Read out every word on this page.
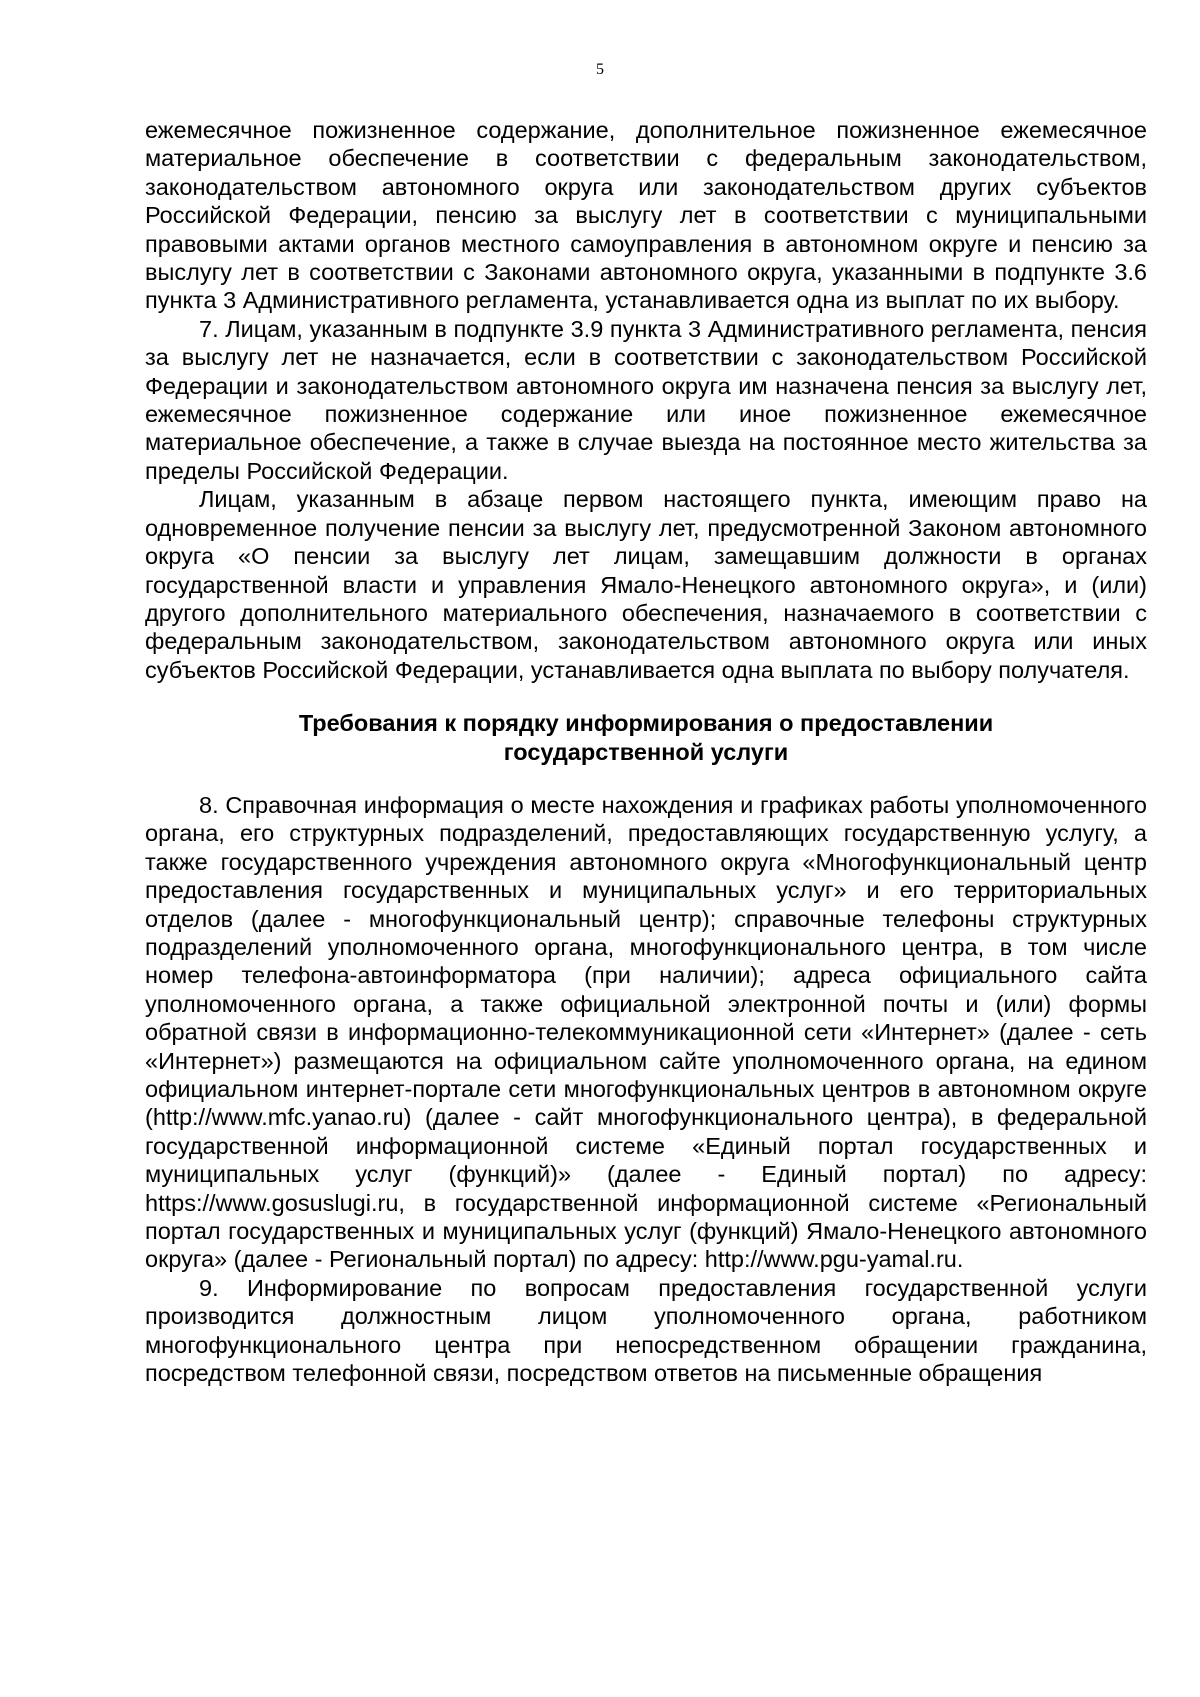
5

ежемесячное пожизненное содержание, дополнительное пожизненное ежемесячное материальное обеспечение в соответствии с федеральным законодательством, законодательством автономного округа или законодательством других субъектов Российской Федерации, пенсию за выслугу лет в соответствии с муниципальными правовыми актами органов местного самоуправления в автономном округе и пенсию за выслугу лет в соответствии с Законами автономного округа, указанными в подпункте 3.6 пункта 3 Административного регламента, устанавливается одна из выплат по их выбору.

7. Лицам, указанным в подпункте 3.9 пункта 3 Административного регламента, пенсия за выслугу лет не назначается, если в соответствии с законодательством Российской Федерации и законодательством автономного округа им назначена пенсия за выслугу лет, ежемесячное пожизненное содержание или иное пожизненное ежемесячное материальное обеспечение, а также в случае выезда на постоянное место жительства за пределы Российской Федерации.

Лицам, указанным в абзаце первом настоящего пункта, имеющим право на одновременное получение пенсии за выслугу лет, предусмотренной Законом автономного округа «О пенсии за выслугу лет лицам, замещавшим должности в органах государственной власти и управления Ямало-Ненецкого автономного округа», и (или) другого дополнительного материального обеспечения, назначаемого в соответствии с федеральным законодательством, законодательством автономного округа или иных субъектов Российской Федерации, устанавливается одна выплата по выбору получателя.

Требования к порядку информирования о предоставлении
государственной услуги

8. Справочная информация о месте нахождения и графиках работы уполномоченного органа, его структурных подразделений, предоставляющих государственную услугу, а также государственного учреждения автономного округа «Многофункциональный центр предоставления государственных и муниципальных услуг» и его территориальных отделов (далее - многофункциональный центр); справочные телефоны структурных подразделений уполномоченного органа, многофункционального центра, в том числе номер телефона-автоинформатора (при наличии); адреса официального сайта уполномоченного органа, а также официальной электронной почты и (или) формы обратной связи в информационно-телекоммуникационной сети «Интернет» (далее - сеть «Интернет») размещаются на официальном сайте уполномоченного органа, на едином официальном интернет-портале сети многофункциональных центров в автономном округе (http://www.mfc.yanao.ru) (далее - сайт многофункционального центра), в федеральной государственной информационной системе «Единый портал государственных и муниципальных услуг (функций)» (далее - Единый портал) по адресу: https://www.gosuslugi.ru, в государственной информационной системе «Региональный портал государственных и муниципальных услуг (функций) Ямало-Ненецкого автономного округа» (далее - Региональный портал) по адресу: http://www.pgu-yamal.ru.

9. Информирование по вопросам предоставления государственной услуги производится должностным лицом уполномоченного органа, работником многофункционального центра при непосредственном обращении гражданина, посредством телефонной связи, посредством ответов на письменные обращения
